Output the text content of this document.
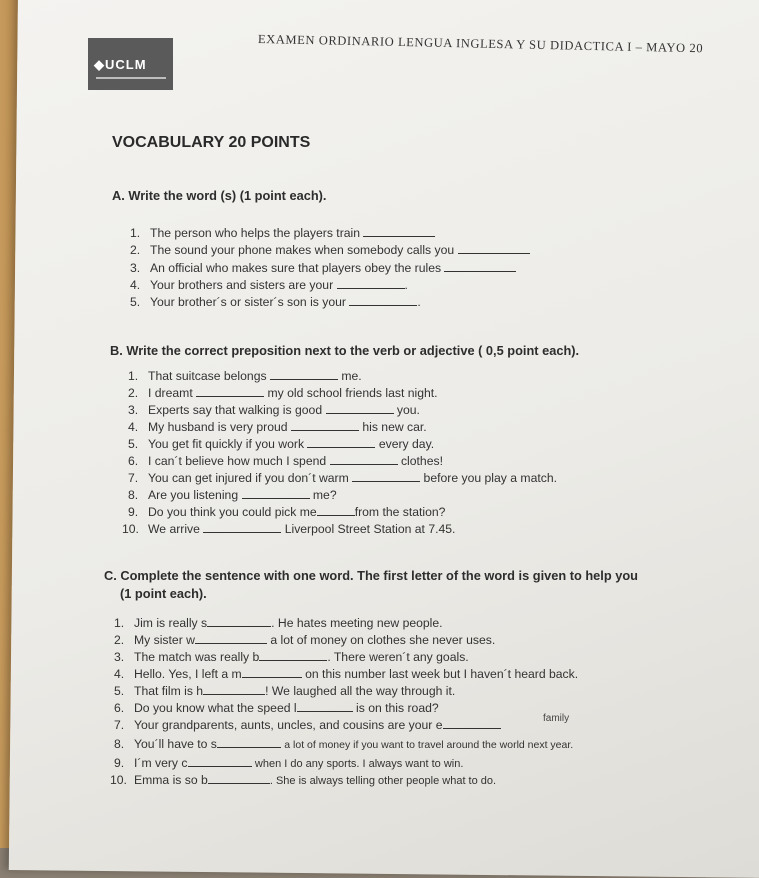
◆UCLM
EXAMEN ORDINARIO LENGUA INGLESA Y SU DIDACTICA I – MAYO 20
VOCABULARY 20 POINTS
A. Write the word (s) (1 point each).
1. The person who helps the players train
2. The sound your phone makes when somebody calls you
3. An official who makes sure that players obey the rules
4. Your brothers and sisters are your	.
5. Your brother´s or sister´s son is your	.
B. Write the correct preposition next to the verb or adjective ( 0,5 point each).
1. That suitcase belongs	me.
2. I dreamt	my old school friends last night.
3. Experts say that walking is good	you.
4. My husband is very proud	his new car.
5. You get fit quickly if you work	every day.
6. I can´t believe how much I spend	clothes!
7. You can get injured if you don´t warm	before you play a match.
8. Are you listening	me?
9. Do you think you could pick me	from the station?
10. We arrive	Liverpool Street Station at 7.45.
C. Complete the sentence with one word. The first letter of the word is given to help you
(1 point each).
1. Jim is really s	. He hates meeting new people.
2. My sister w	a lot of money on clothes she never uses.
3. The match was really b	. There weren´t any goals.
4. Hello. Yes, I left a m	on this number last week but I haven´t heard back.
5. That film is h	! We laughed all the way through it.
6. Do you know what the speed l	is on this road?
7. Your grandparents, aunts, uncles, and cousins are your e	family
8. You´ll have to s	a lot of money if you want to travel around the world next year.
9. I´m very c	when I do any sports. I always want to win.
10. Emma is so b	. She is always telling other people what to do.
